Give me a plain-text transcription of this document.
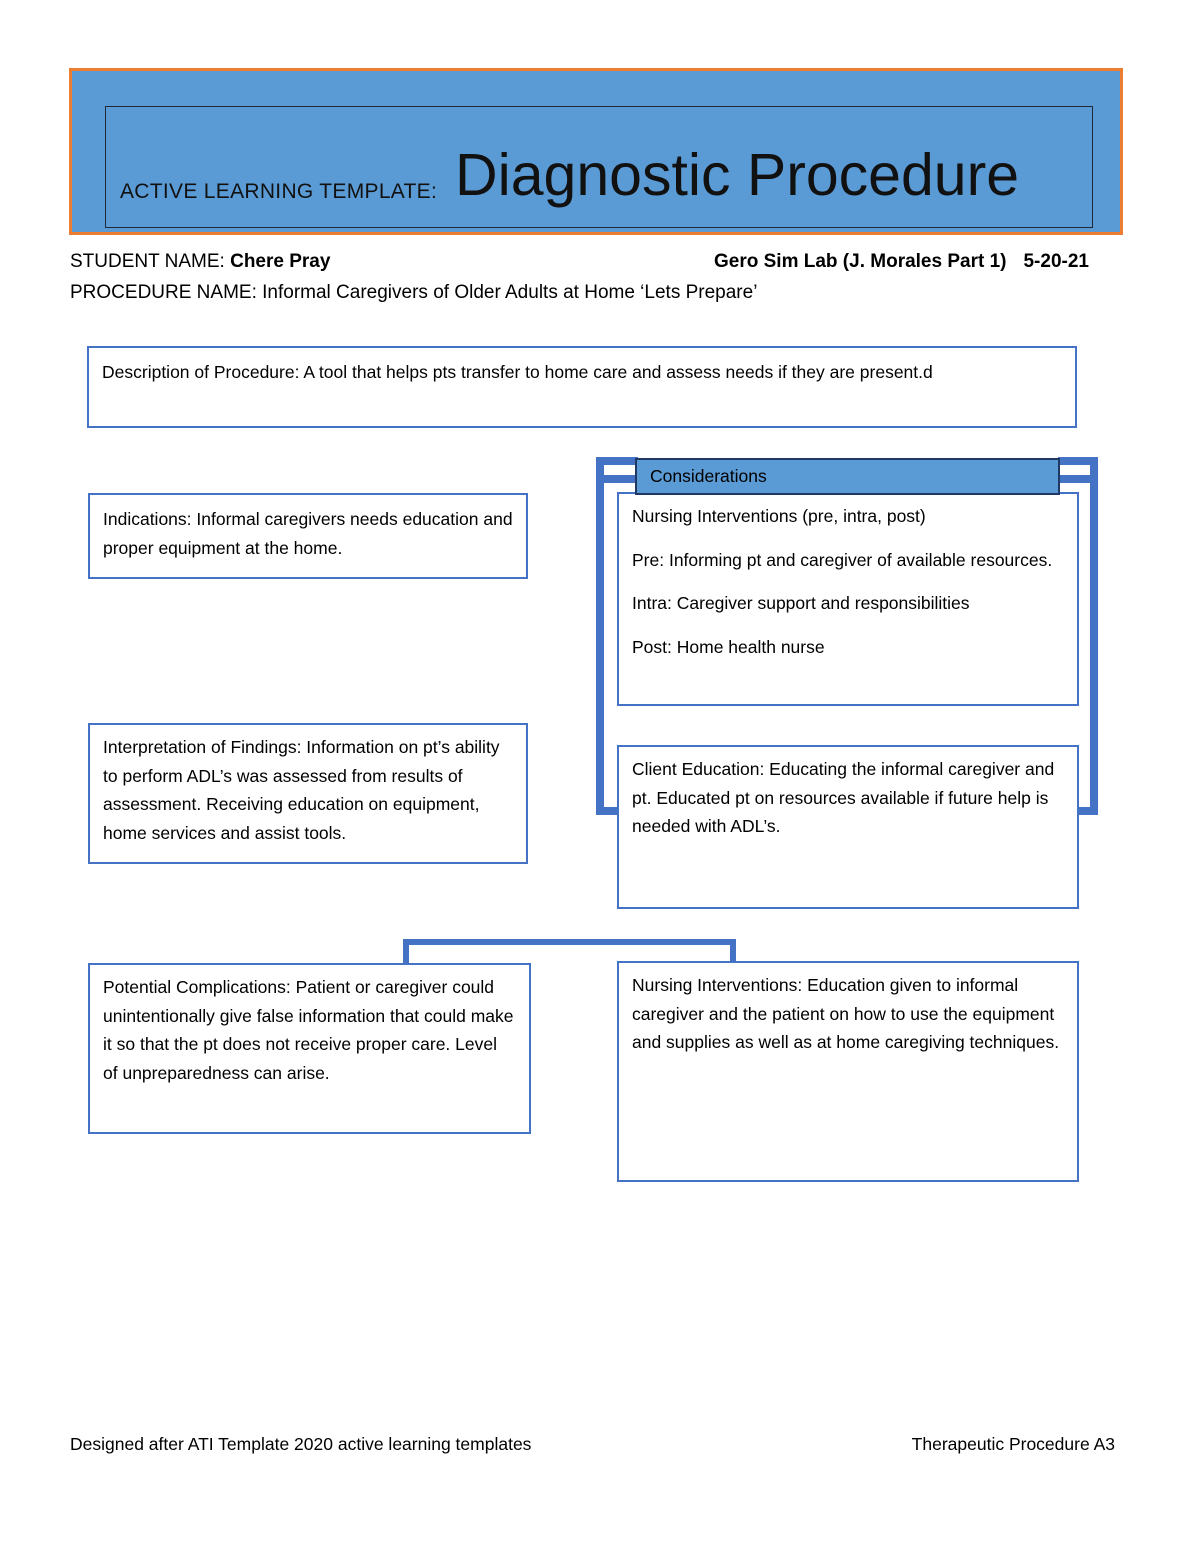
ACTIVE LEARNING TEMPLATE: Diagnostic Procedure
STUDENT NAME: Chere Pray	Gero Sim Lab (J. Morales Part 1) 5-20-21
PROCEDURE NAME: Informal Caregivers of Older Adults at Home ‘Lets Prepare’

Description of Procedure: A tool that helps pts transfer to home care and assess needs if they are present.d

Indications: Informal caregivers needs education and proper equipment at the home.

Interpretation of Findings: Information on pt’s ability to perform ADL’s was assessed from results of assessment. Receiving education on equipment, home services and assist tools.

Nursing Interventions (pre, intra, post)

Pre: Informing pt and caregiver of available resources.

Intra: Caregiver support and responsibilities

Post: Home health nurse

Considerations

Client Education: Educating the informal caregiver and pt. Educated pt on resources available if future help is needed with ADL’s.

Potential Complications: Patient or caregiver could unintentionally give false information that could make it so that the pt does not receive proper care. Level of unpreparedness can arise.

Nursing Interventions: Education given to informal caregiver and the patient on how to use the equipment and supplies as well as at home caregiving techniques.

Designed after ATI Template 2020 active learning templates	Therapeutic Procedure A3
